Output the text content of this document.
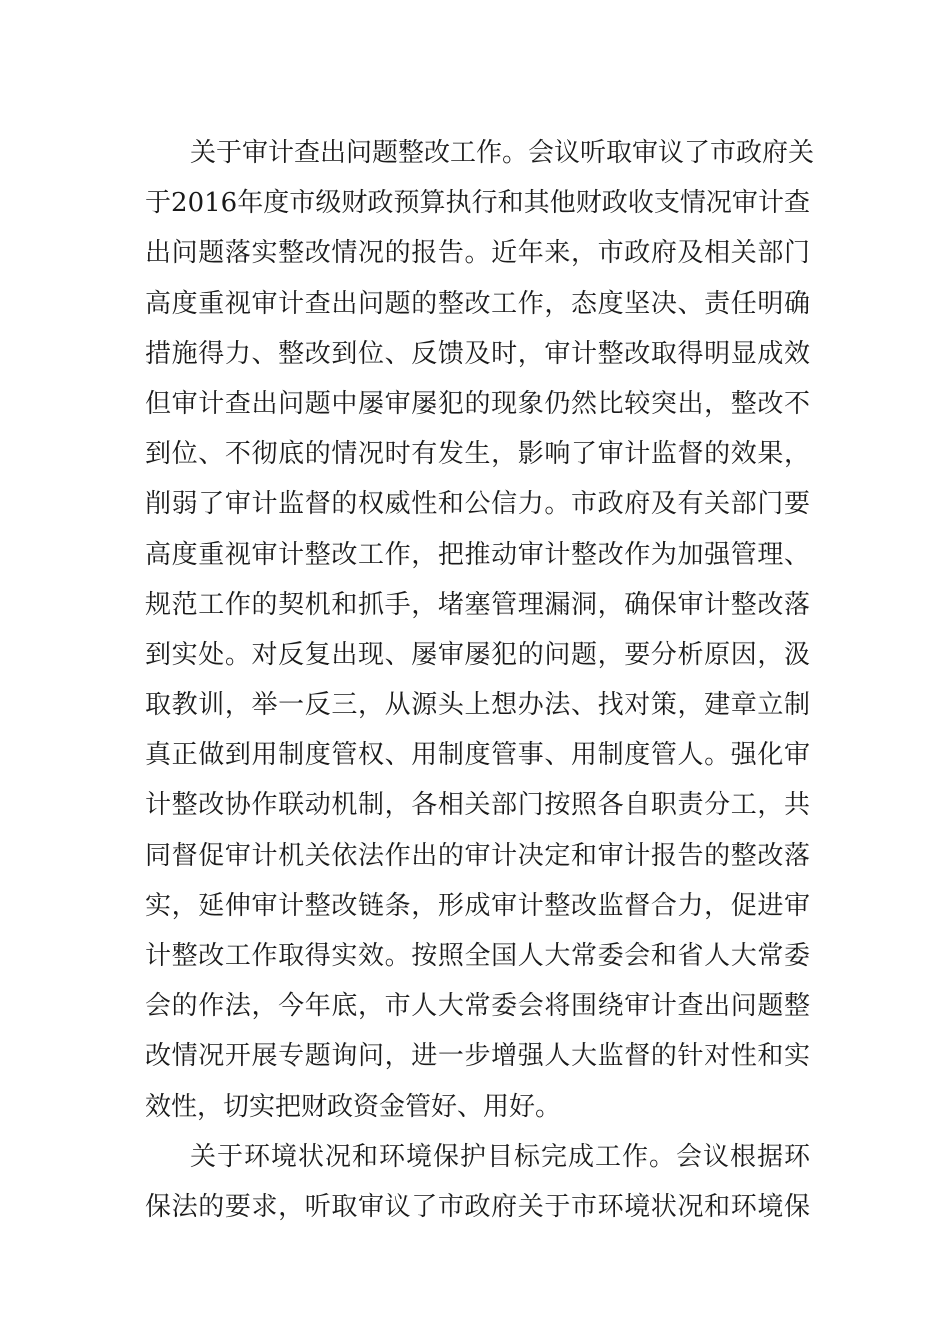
关于审计查出问题整改工作。会议听取审议了市政府关
于2016年度市级财政预算执行和其他财政收支情况审计查
出问题落实整改情况的报告。近年来，市政府及相关部门
高度重视审计查出问题的整改工作，态度坚决、责任明确
措施得力、整改到位、反馈及时，审计整改取得明显成效
但审计查出问题中屡审屡犯的现象仍然比较突出，整改不
到位、不彻底的情况时有发生，影响了审计监督的效果，
削弱了审计监督的权威性和公信力。市政府及有关部门要
高度重视审计整改工作，把推动审计整改作为加强管理、
规范工作的契机和抓手，堵塞管理漏洞，确保审计整改落
到实处。对反复出现、屡审屡犯的问题，要分析原因，汲
取教训，举一反三，从源头上想办法、找对策，建章立制
真正做到用制度管权、用制度管事、用制度管人。强化审
计整改协作联动机制，各相关部门按照各自职责分工，共
同督促审计机关依法作出的审计决定和审计报告的整改落
实，延伸审计整改链条，形成审计整改监督合力，促进审
计整改工作取得实效。按照全国人大常委会和省人大常委
会的作法，今年底，市人大常委会将围绕审计查出问题整
改情况开展专题询问，进一步增强人大监督的针对性和实
效性，切实把财政资金管好、用好。
关于环境状况和环境保护目标完成工作。会议根据环
保法的要求，听取审议了市政府关于市环境状况和环境保
